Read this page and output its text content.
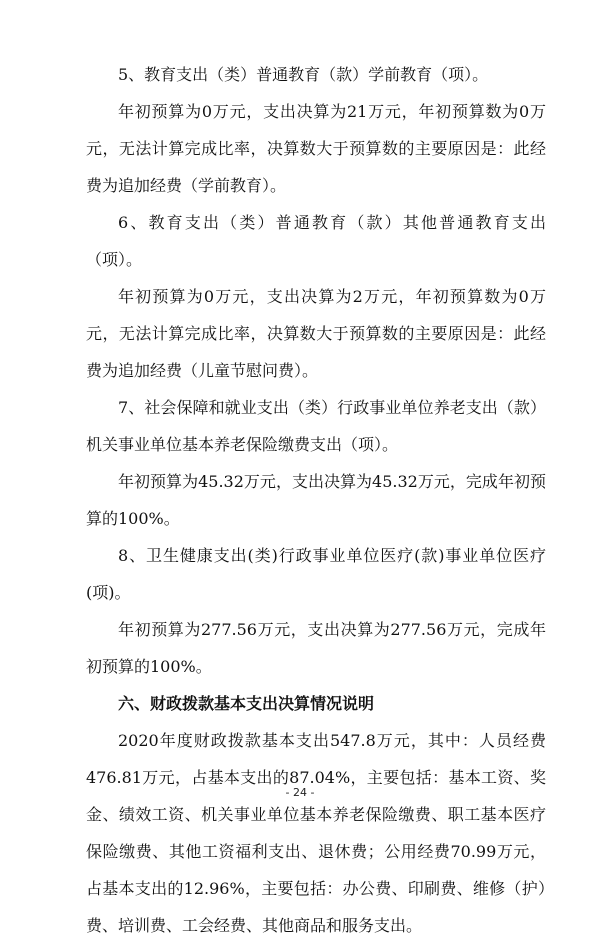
5、教育支出（类）普通教育（款）学前教育（项）。

年初预算为0万元，支出决算为21万元，年初预算数为0万元，无法计算完成比率，决算数大于预算数的主要原因是：此经费为追加经费（学前教育）。

6、教育支出（类）普通教育（款）其他普通教育支出（项）。

年初预算为0万元，支出决算为2万元，年初预算数为0万元，无法计算完成比率，决算数大于预算数的主要原因是：此经费为追加经费（儿童节慰问费）。

7、社会保障和就业支出（类）行政事业单位养老支出（款）机关事业单位基本养老保险缴费支出（项）。

年初预算为45.32万元，支出决算为45.32万元，完成年初预算的100%。

8、卫生健康支出(类)行政事业单位医疗(款)事业单位医疗(项)。

年初预算为277.56万元，支出决算为277.56万元，完成年初预算的100%。

六、财政拨款基本支出决算情况说明

2020年度财政拨款基本支出547.8万元，其中：人员经费476.81万元，占基本支出的87.04%，主要包括：基本工资、奖金、绩效工资、机关事业单位基本养老保险缴费、职工基本医疗保险缴费、其他工资福利支出、退休费；公用经费70.99万元，占基本支出的12.96%，主要包括：办公费、印刷费、维修（护）费、培训费、工会经费、其他商品和服务支出。

- 24 -
